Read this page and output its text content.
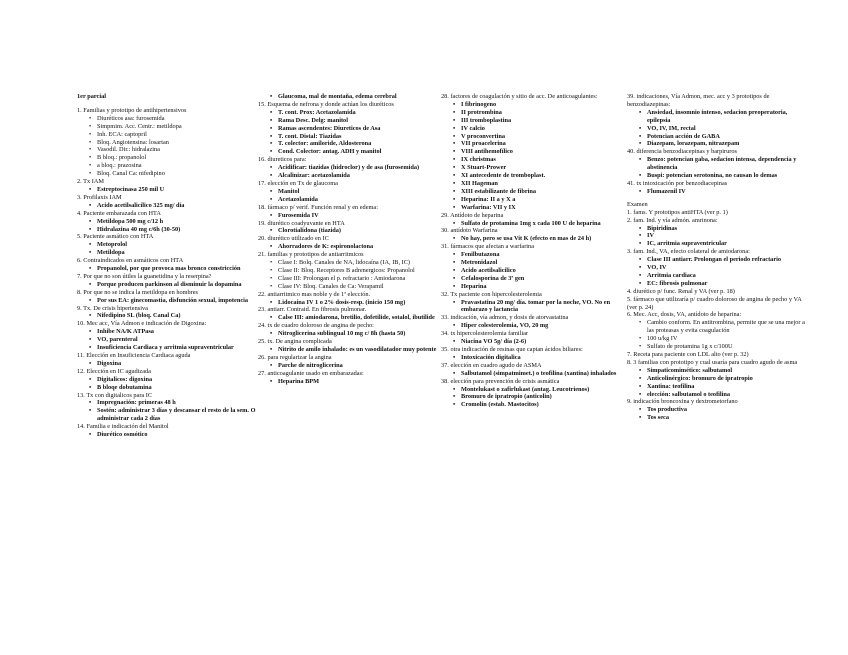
1er parcial
1. Familias y prototipo de antihipertensivos
• Diuréticos asa: furosemida
• Simpmim. Acc. Centr.: metildopa
• Inh. ECA: captopril
• Bloq. Angiotensina: losartan
• Vasodil. Dir.: hidralazina
• B bloq.: propanolol
• a bloq.: prazosina
• Bloq. Canal Ca: nifedipino
2. Tx IAM
• Estreptocinasa 250 mil U
3. Profilaxis IAM
• Acido acetilsalicílico 325 mg/ día
4. Paciente embarazada con HTA
• Metildopa 500 mg c/12 h
• Hidralazina 40 mg c/6h (30-50)
5. Paciente asmático con HTA
• Metoprolol
• Metildopa
6. Contraindicados en asmáticos con HTA
• Propanolol, por que provoca mas bronco constricción
7. Por que no son útiles la guanetidina y la reserpina?
• Porque producen parkinson al disminuir la dopamina
8. Por que no se indica la metildopa en hombres
• Por sus EA: ginecomastia, disfunción sexual, impotencia
9. Tx. De crisis hipertensiva
• Nifedipino SL (bloq. Canal Ca)
10. Mec acc, Vía Admon e indicación de Digoxina:
• Inhibe NA/K ATPasa
• VO, parenteral
• Insuficiencia Cardiaca y arritmia supraventricular
11. Elección en Insuficiencia Cardiaca aguda
• Digoxina
12. Elección en IC agudizada
• Digitalicos: digoxina
• B bloqe dobutamina
13. Tx con digitalicos para IC
• Impregnación: primeras 48 h
• Sostén: administrar 3 días y descansar el resto de la sem. O administrar cada 2 días
14. Familia e indicación del Manitol
• Diurético osmótico
• Glaucoma, mal de montaña, edema cerebral
15. Esquema de nefrona y donde actúan los diuréticos
• T. cont. Prox: Acetazolamida
• Rama Desc. Delg: manitol
• Ramas ascendentes: Diureticos de Asa
• T. cont. Distal: Tiazidas
• T. colector: amiloride, Aldosterona
• Cond. Colector: antag. ADH y manitol
16. diureticos para:
• Acidificar: tiazidas (hidroclor) y de asa (furosemida)
• Alcalinizar: acetazolamida
17. elección en Tx de glaucoma
• Manitol
• Acetazolamida
18. fármaco p/ verif. Función renal y en edema:
• Furosemida IV
19. diurético coadyuvante en HTA
• Clorotialidona (tiazida)
20. diurético utilizado en IC
• Ahorradores de K: espironolactona
21. familias y prototipos de antiarritmicos
• Clase I: Bolq. Canales de NA, lidocaína (IA, IB, IC)
• Clase II: Bloq. Receptores B adrenergicos: Propanolol
• Clase III: Prolongan el p. refractario : Amiodarona
• Clase IV: Bloq. Canales de Ca: Verapamil
22. antiarritmico mas noble y de 1ª elección.
• Lidocaína IV 1 o 2% dosis-resp. (inicio 150 mg)
23. antiarr. Contraid. En fibrosis pulmonar.
• Calse III: amiodarona, bretilio, dofetilide, sotalol, ibutilide
24. tx de cuadro doloroso de angina de pecho:
• Nitroglicerina sublingual 10 mg c/ 8h (hasta 50)
25. tx. De angina complicada
• Nitrito de amilo inhalado: es un vasodilatador muy potente
26. para regularizar la angina
• Parche de nitroglicerina
27. anticoagulante usado en embarazadas:
• Heparina BPM
28. factores de coagulación y sitio de acc. De anticoagulantes:
• I fibrinogeno
• II protrombina
• III tromboplastina
• IV calcio
• V proconvertina
• VII proacelerina
• VIII antihemofílico
• IX christmas
• X Stuart-Prower
• XI antecedente de tromboplast.
• XII Hageman
• XIII estabilizante de fibrina
• Heparina: II a y X a
• Warfarina: VII y IX
29. Antídoto de heparina
• Sulfato de protamina 1mg x cada 100 U de heparina
30. antídoto Warfarina
• No hay, pero se usa Vit K (efecto en mas de 24 h)
31. fármacos que afectan a warfarina
• Fenilbutazona
• Metronidazol
• Acido acetilsalicilico
• Cefalosporina de 3ª gen
• Heparina
32. Tx paciente con hipercolesterolemia
• Pravastatina 20 mg/ día. tomar por la noche, VO. No en embarazo y lactancia
33. indicación, vía admon, y dosis de atorvastatina
• Hiper colesterolemia, VO, 20 mg
34. tx hipercolesterolemia familiar
• Niacina VO 5g/ día (2-6)
35. otra indicación de resinas que captan ácidos biliares:
• Intoxicación digitalica
37. elección en cuadro agudo de ASMA
• Salbutamol (simpatmimet.) o teofilina (xantina) inhalados
38. elección para prevención de crisis asmática
• Montelukast o zafirlukast (antag. Leucotrienos)
• Bromuro de ipratropio (anticolin)
• Cromolin (estab. Mastocitos)
39. indicaciones, Vía Admon, mec. acc y 3 prototipos de benzodiazepinas:
• Ansiedad, insomnio intenso, sedacion preoperatoria, epilepsia
• VO, IV, IM, rectal
• Potencian acción de GABA
• Diazepam, lorazepam, nitrazepam
40. diferencia benzodiacepinas y barpiruros
• Benzo: potencian gaba, sedacion intensa, dependencia y abstinencia
• Buspi: potencian serotonina, no causan lo demas
41. tx intoxicación por benzodiacepinas
• Flumazenil IV
Examen
1. fams. Y prototipos antiHTA (ver p. 1)
2. fam. Ind. y vía admón. amrinona:
• Bipiridinas
• IV
• IC, arritmia supraventricular
3. fam. Ind., VA, efecto colateral de amiodarona:
• Clase III antiarr. Prolongan el periodo refractario
• VO, IV
• Arritmia cardiaca
• EC: fibrosis pulmonar
4. diurético p/ func. Renal y VA (ver p. 18)
5. fármaco que utilizaría p/ cuadro doloroso de angina de pecho y VA (ver p. 24)
6. Mec. Acc, dosis, VA, antídoto de heparina:
• Cambio conform. En antitrombina, permite que se una mejor a las proteasas y evita coagulación
• 100 u/kg IV
• Sulfato de protamina 1g x c/100U
7. Receta para paciente con LDL alto (ver p. 32)
8. 3 familias con prototipo y cual usaría para cuadro agudo de asma
• Simpaticomimético: salbutamol
• Anticolinérgico: bromuro de ipratropio
• Xantina: teofilina
• elección: salbutamol o teofilina
9. indicación broncoxina y dextrometorfano
• Tos productiva
• Tos seca
